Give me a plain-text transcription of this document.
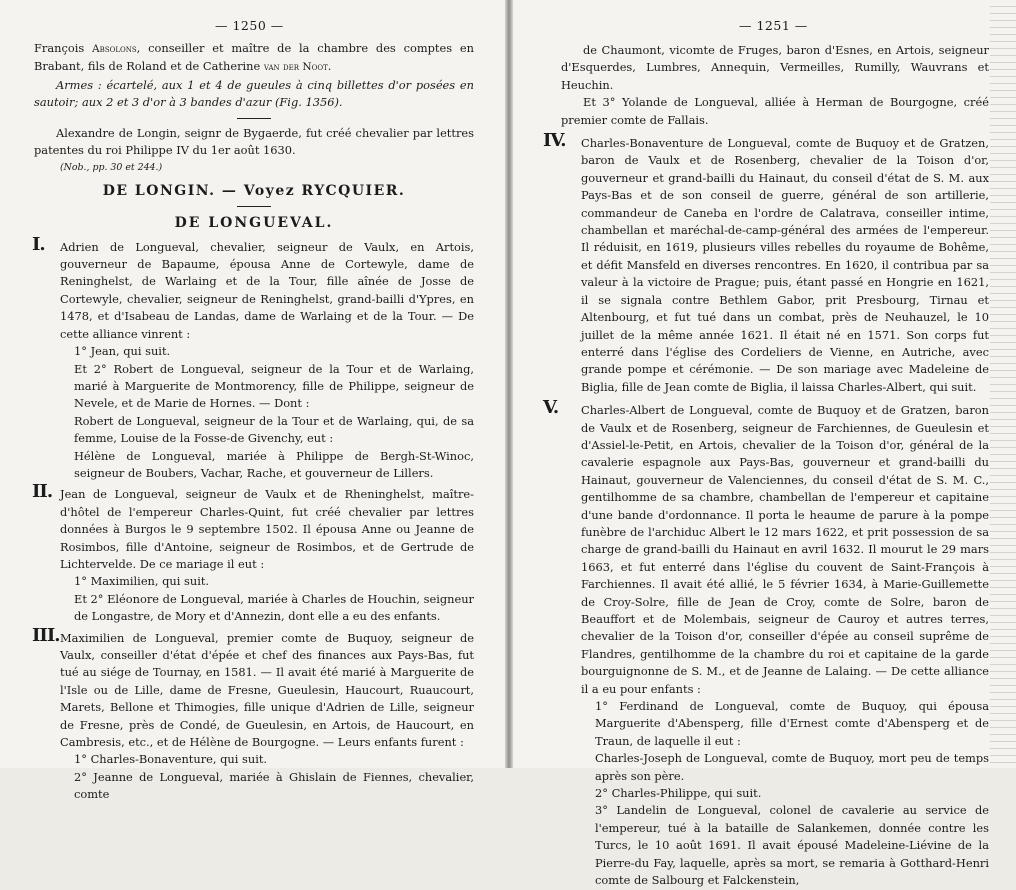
— 1250 —

François Absolons, conseiller et maître de la chambre des comptes en Brabant, fils de Roland et de Catherine van der Noot.

Armes : écartelé, aux 1 et 4 de gueules à cinq billettes d'or posées en sautoir; aux 2 et 3 d'or à 3 bandes d'azur (Fig. 1356).

Alexandre de Longin, seignr de Bygaerde, fut créé chevalier par lettres patentes du roi Philippe IV du 1er août 1630.

(Nob., pp. 30 et 244.)

DE LONGIN. — Voyez RYCQUIER.
DE LONGUEVAL.
I. Adrien de Longueval, chevalier, seigneur de Vaulx, en Artois, gouverneur de Bapaume, épousa Anne de Cortewyle, dame de Reninghelst, de Warlaing et de la Tour, fille aînée de Josse de Cortewyle, chevalier, seigneur de Reninghelst, grand-bailli d'Ypres, en 1478, et d'Isabeau de Landas, dame de Warlaing et de la Tour. — De cette alliance vinrent :

1° Jean, qui suit.

Et 2° Robert de Longueval, seigneur de la Tour et de Warlaing, marié à Marguerite de Montmorency, fille de Philippe, seigneur de Nevele, et de Marie de Hornes. — Dont :

Robert de Longueval, seigneur de la Tour et de Warlaing, qui, de sa femme, Louise de la Fosse-de Givenchy, eut :

Hélène de Longueval, mariée à Philippe de Bergh-St-Winoc, seigneur de Boubers, Vachar, Rache, et gouverneur de Lillers.

II. Jean de Longueval, seigneur de Vaulx et de Rheninghelst, maître-d'hôtel de l'empereur Charles-Quint, fut créé chevalier par lettres données à Burgos le 9 septembre 1502. Il épousa Anne ou Jeanne de Rosimbos, fille d'Antoine, seigneur de Rosimbos, et de Gertrude de Lichtervelde. De ce mariage il eut :

1° Maximilien, qui suit.

Et 2° Eléonore de Longueval, mariée à Charles de Houchin, seigneur de Longastre, de Mory et d'Annezin, dont elle a eu des enfants.

III. Maximilien de Longueval, premier comte de Buquoy, seigneur de Vaulx, conseiller d'état d'épée et chef des finances aux Pays-Bas, fut tué au siége de Tournay, en 1581. — Il avait été marié à Marguerite de l'Isle ou de Lille, dame de Fresne, Gueulesin, Haucourt, Ruaucourt, Marets, Bellone et Thimogies, fille unique d'Adrien de Lille, seigneur de Fresne, près de Condé, de Gueulesin, en Artois, de Haucourt, en Cambresis, etc., et de Hélène de Bourgogne. — Leurs enfants furent :

1° Charles-Bonaventure, qui suit.

2° Jeanne de Longueval, mariée à Ghislain de Fiennes, chevalier, comte

— 1251 —

de Chaumont, vicomte de Fruges, baron d'Esnes, en Artois, seigneur d'Esquerdes, Lumbres, Annequin, Vermeilles, Rumilly, Wauvrans et Heuchin.

Et 3° Yolande de Longueval, alliée à Herman de Bourgogne, créé premier comte de Fallais.

IV. Charles-Bonaventure de Longueval, comte de Buquoy et de Gratzen, baron de Vaulx et de Rosenberg, chevalier de la Toison d'or, gouverneur et grand-bailli du Hainaut, du conseil d'état de S. M. aux Pays-Bas et de son conseil de guerre, général de son artillerie, commandeur de Caneba en l'ordre de Calatrava, conseiller intime, chambellan et maréchal-de-camp-général des armées de l'empereur. Il réduisit, en 1619, plusieurs villes rebelles du royaume de Bohême, et défit Mansfeld en diverses rencontres. En 1620, il contribua par sa valeur à la victoire de Prague; puis, étant passé en Hongrie en 1621, il se signala contre Bethlem Gabor, prit Presbourg, Tirnau et Altenbourg, et fut tué dans un combat, près de Neuhauzel, le 10 juillet de la même année 1621. Il était né en 1571. Son corps fut enterré dans l'église des Cordeliers de Vienne, en Autriche, avec grande pompe et cérémonie. — De son mariage avec Madeleine de Biglia, fille de Jean comte de Biglia, il laissa Charles-Albert, qui suit.

V. Charles-Albert de Longueval, comte de Buquoy et de Gratzen, baron de Vaulx et de Rosenberg, seigneur de Farchiennes, de Gueulesin et d'Assiel-le-Petit, en Artois, chevalier de la Toison d'or, général de la cavalerie espagnole aux Pays-Bas, gouverneur et grand-bailli du Hainaut, gouverneur de Valenciennes, du conseil d'état de S. M. C., gentilhomme de sa chambre, chambellan de l'empereur et capitaine d'une bande d'ordonnance. Il porta le heaume de parure à la pompe funèbre de l'archiduc Albert le 12 mars 1622, et prit possession de sa charge de grand-bailli du Hainaut en avril 1632. Il mourut le 29 mars 1663, et fut enterré dans l'église du couvent de Saint-François à Farchiennes. Il avait été allié, le 5 février 1634, à Marie-Guillemette de Croy-Solre, fille de Jean de Croy, comte de Solre, baron de Beauffort et de Molembais, seigneur de Cauroy et autres terres, chevalier de la Toison d'or, conseiller d'épée au conseil suprême de Flandres, gentilhomme de la chambre du roi et capitaine de la garde bourguignonne de S. M., et de Jeanne de Lalaing. — De cette alliance il a eu pour enfants :

1° Ferdinand de Longueval, comte de Buquoy, qui épousa Marguerite d'Abensperg, fille d'Ernest comte d'Abensperg et de Traun, de laquelle il eut :

Charles-Joseph de Longueval, comte de Buquoy, mort peu de temps après son père.

2° Charles-Philippe, qui suit.

3° Landelin de Longueval, colonel de cavalerie au service de l'empereur, tué à la bataille de Salankemen, donnée contre les Turcs, le 10 août 1691. Il avait épousé Madeleine-Liévine de la Pierre-du Fay, laquelle, après sa mort, se remaria à Gotthard-Henri comte de Salbourg et Falckenstein,
